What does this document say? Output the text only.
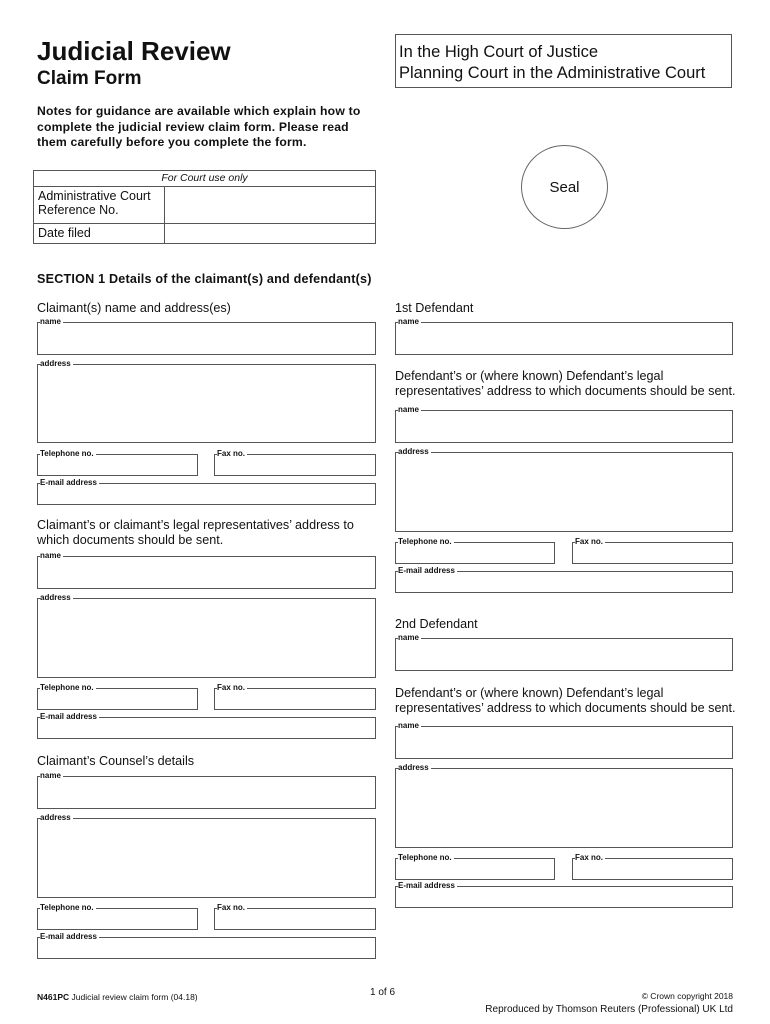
Judicial Review
Claim Form
In the High Court of Justice
Planning Court in the Administrative Court
Notes for guidance are available which explain how to complete the judicial review claim form. Please read them carefully before you complete the form.
Seal
For Court use only	
Administrative Court Reference No.	
Date filed	
SECTION 1 Details of the claimant(s) and defendant(s)
Claimant(s) name and address(es)
name
address
Telephone no.	Fax no.
E-mail address
Claimant’s or claimant’s legal representatives’ address to which documents should be sent.
name
address
Telephone no.	Fax no.
E-mail address
Claimant’s Counsel’s details
name
address
Telephone no.	Fax no.
E-mail address
1st Defendant
name
Defendant’s or (where known) Defendant’s legal representatives’ address to which documents should be sent.
name
address
Telephone no.	Fax no.
E-mail address
2nd Defendant
name
Defendant’s or (where known) Defendant’s legal representatives’ address to which documents should be sent.
name
address
Telephone no.	Fax no.
E-mail address
N461PC Judicial review claim form (04.18)	1 of 6	© Crown copyright 2018
Reproduced by Thomson Reuters (Professional) UK Ltd
